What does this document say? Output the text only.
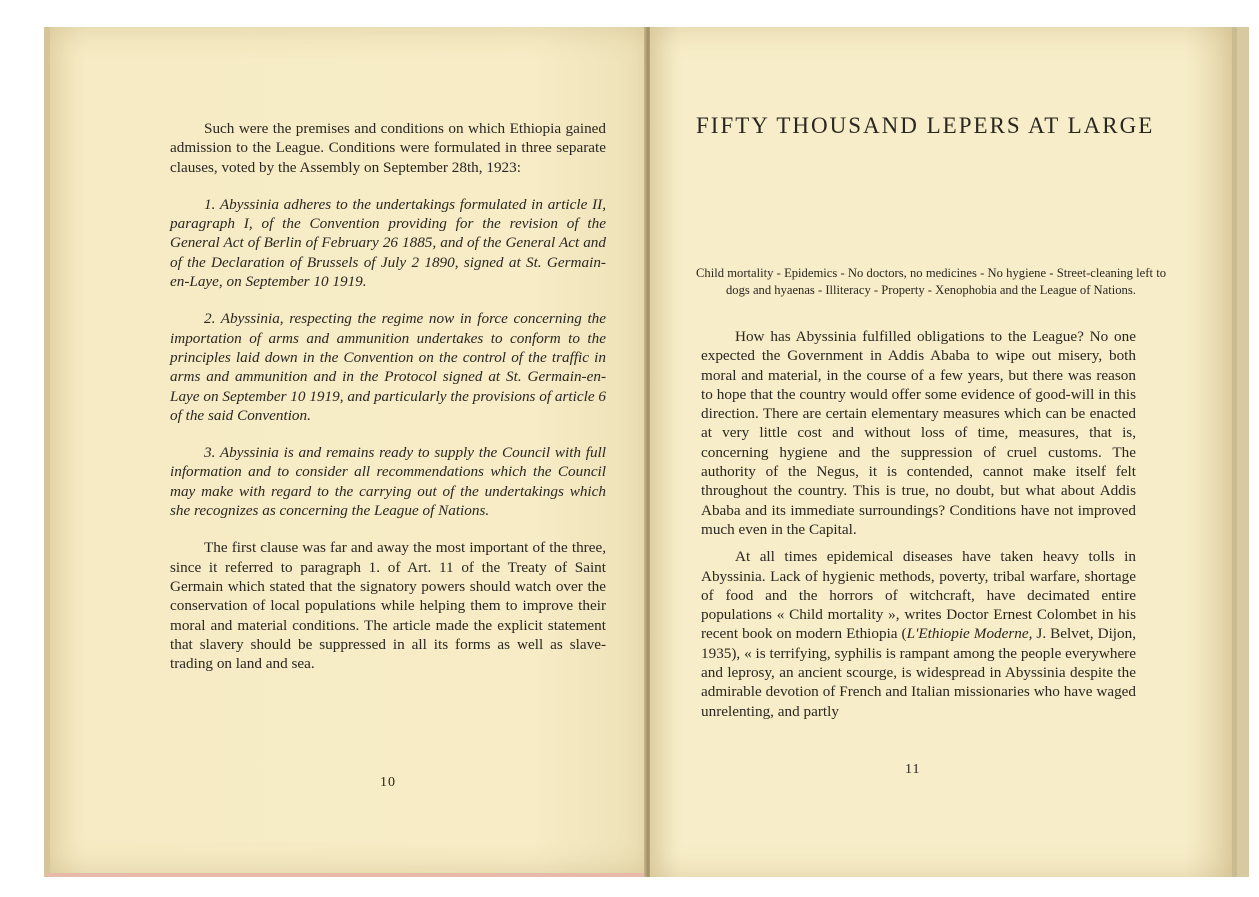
Such were the premises and conditions on which Ethiopia gained admission to the League. Conditions were formulated in three separate clauses, voted by the Assembly on September 28th, 1923:

1. Abyssinia adheres to the undertakings formulated in article II, paragraph I, of the Convention providing for the revision of the General Act of Berlin of February 26 1885, and of the General Act and of the Declaration of Brussels of July 2 1890, signed at St. Germain-en-Laye, on September 10 1919.

2. Abyssinia, respecting the regime now in force concerning the importation of arms and ammunition undertakes to conform to the principles laid down in the Convention on the control of the traffic in arms and ammunition and in the Protocol signed at St. Germain-en-Laye on September 10 1919, and particularly the provisions of article 6 of the said Convention.

3. Abyssinia is and remains ready to supply the Council with full information and to consider all recommendations which the Council may make with regard to the carrying out of the undertakings which she recognizes as concerning the League of Nations.

The first clause was far and away the most important of the three, since it referred to paragraph 1. of Art. 11 of the Treaty of Saint Germain which stated that the signatory powers should watch over the conservation of local populations while helping them to improve their moral and material conditions. The article made the explicit statement that slavery should be suppressed in all its forms as well as slave-trading on land and sea.

10
FIFTY THOUSAND LEPERS AT LARGE
Child mortality - Epidemics - No doctors, no medicines - No hygiene - Street-cleaning left to dogs and hyaenas - Illiteracy - Property - Xenophobia and the League of Nations.

How has Abyssinia fulfilled obligations to the League? No one expected the Government in Addis Ababa to wipe out misery, both moral and material, in the course of a few years, but there was reason to hope that the country would offer some evidence of good-will in this direction. There are certain elementary measures which can be enacted at very little cost and without loss of time, measures, that is, concerning hygiene and the suppression of cruel customs. The authority of the Negus, it is contended, cannot make itself felt throughout the country. This is true, no doubt, but what about Addis Ababa and its immediate surroundings? Conditions have not improved much even in the Capital.

At all times epidemical diseases have taken heavy tolls in Abyssinia. Lack of hygienic methods, poverty, tribal warfare, shortage of food and the horrors of witchcraft, have decimated entire populations « Child mortality », writes Doctor Ernest Colombet in his recent book on modern Ethiopia (L'Ethiopie Moderne, J. Belvet, Dijon, 1935), « is terrifying, syphilis is rampant among the people everywhere and leprosy, an ancient scourge, is widespread in Abyssinia despite the admirable devotion of French and Italian missionaries who have waged unrelenting, and partly

11
